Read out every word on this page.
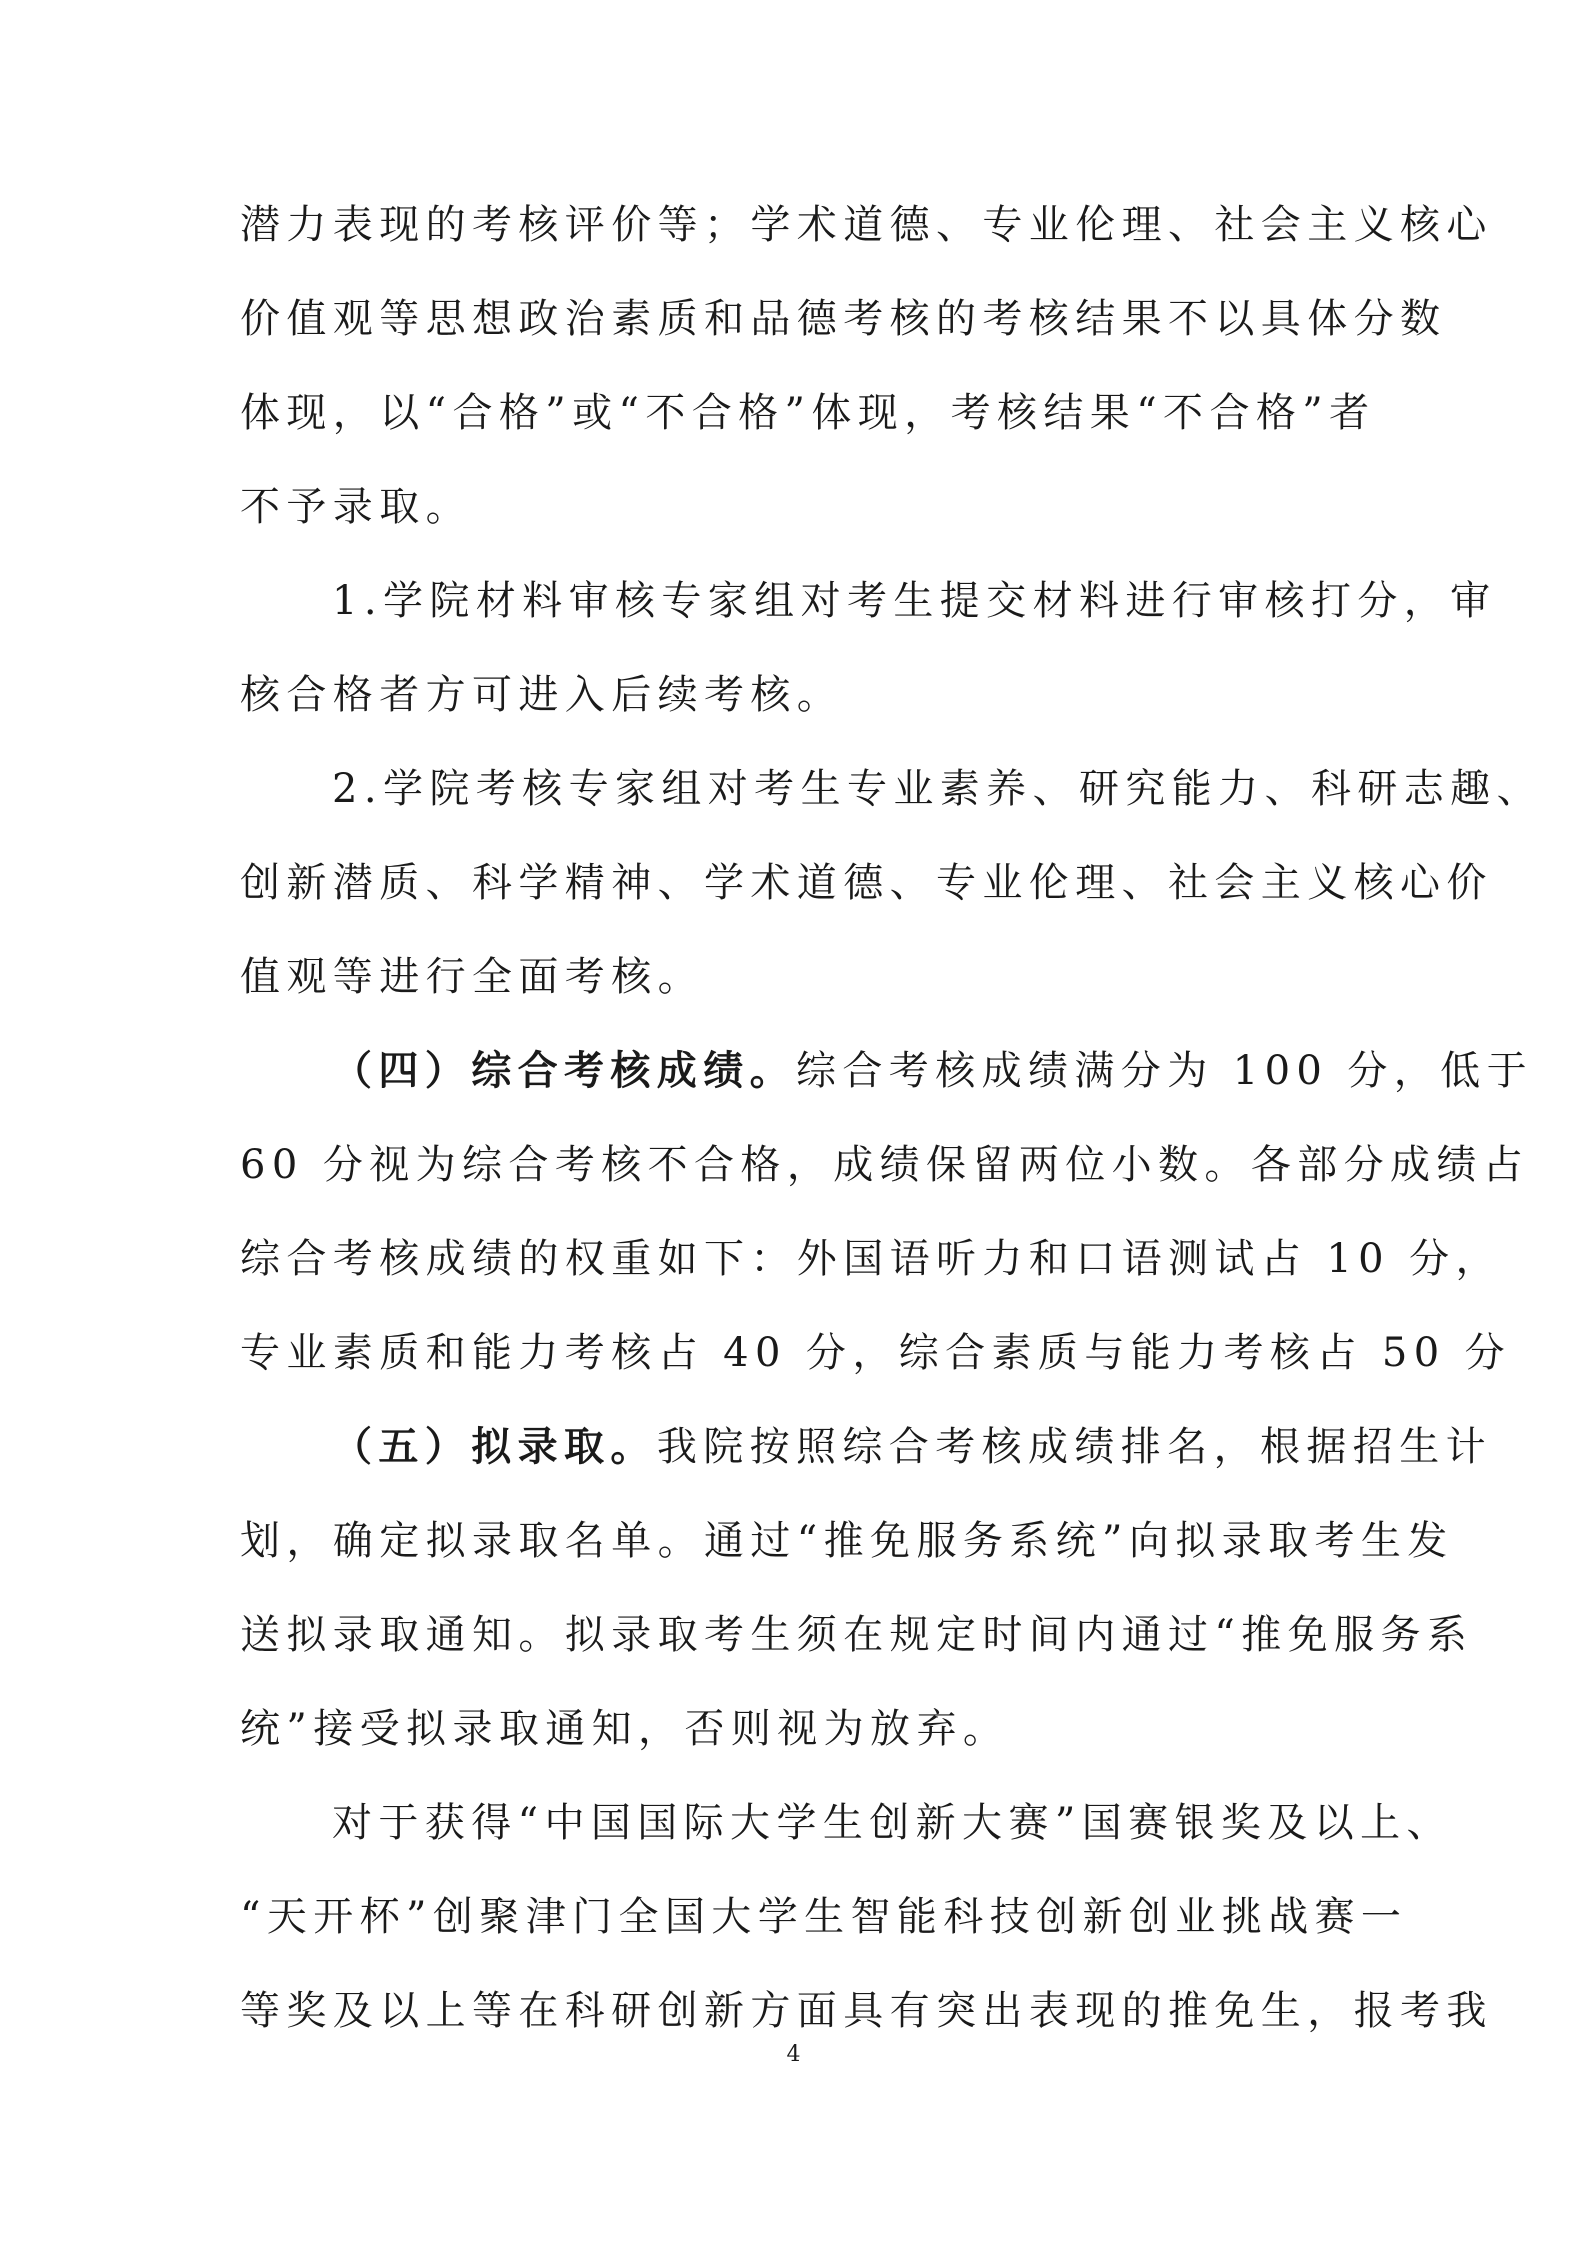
潜力表现的考核评价等；学术道德、专业伦理、社会主义核心
价值观等思想政治素质和品德考核的考核结果不以具体分数
体现，以“合格”或“不合格”体现，考核结果“不合格”者
不予录取。
1.学院材料审核专家组对考生提交材料进行审核打分，审
核合格者方可进入后续考核。
2.学院考核专家组对考生专业素养、研究能力、科研志趣、
创新潜质、科学精神、学术道德、专业伦理、社会主义核心价
值观等进行全面考核。
（四）综合考核成绩。综合考核成绩满分为 100 分，低于
60 分视为综合考核不合格，成绩保留两位小数。各部分成绩占
综合考核成绩的权重如下：外国语听力和口语测试占 10 分，
专业素质和能力考核占 40 分，综合素质与能力考核占 50 分
（五）拟录取。我院按照综合考核成绩排名，根据招生计
划，确定拟录取名单。通过“推免服务系统”向拟录取考生发
送拟录取通知。拟录取考生须在规定时间内通过“推免服务系
统”接受拟录取通知，否则视为放弃。
对于获得“中国国际大学生创新大赛”国赛银奖及以上、
“天开杯”创聚津门全国大学生智能科技创新创业挑战赛一
等奖及以上等在科研创新方面具有突出表现的推免生，报考我
4
